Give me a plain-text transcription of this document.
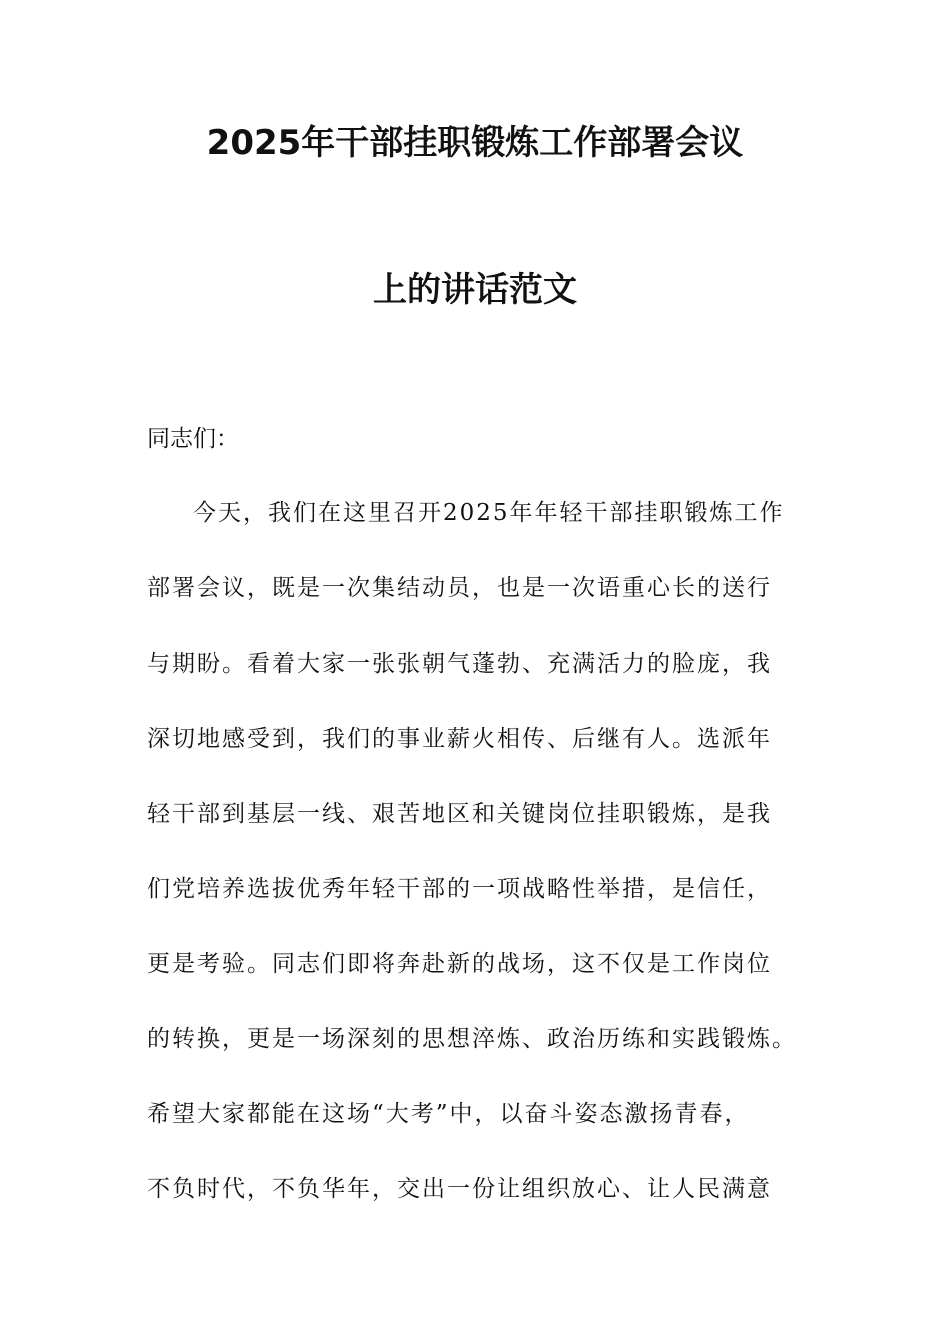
2025年干部挂职锻炼工作部署会议
上的讲话范文
同志们：
今天，我们在这里召开2025年年轻干部挂职锻炼工作
部署会议，既是一次集结动员，也是一次语重心长的送行
与期盼。看着大家一张张朝气蓬勃、充满活力的脸庞，我
深切地感受到，我们的事业薪火相传、后继有人。选派年
轻干部到基层一线、艰苦地区和关键岗位挂职锻炼，是我
们党培养选拔优秀年轻干部的一项战略性举措，是信任，
更是考验。同志们即将奔赴新的战场，这不仅是工作岗位
的转换，更是一场深刻的思想淬炼、政治历练和实践锻炼。
希望大家都能在这场“大考”中，以奋斗姿态激扬青春，
不负时代，不负华年，交出一份让组织放心、让人民满意
